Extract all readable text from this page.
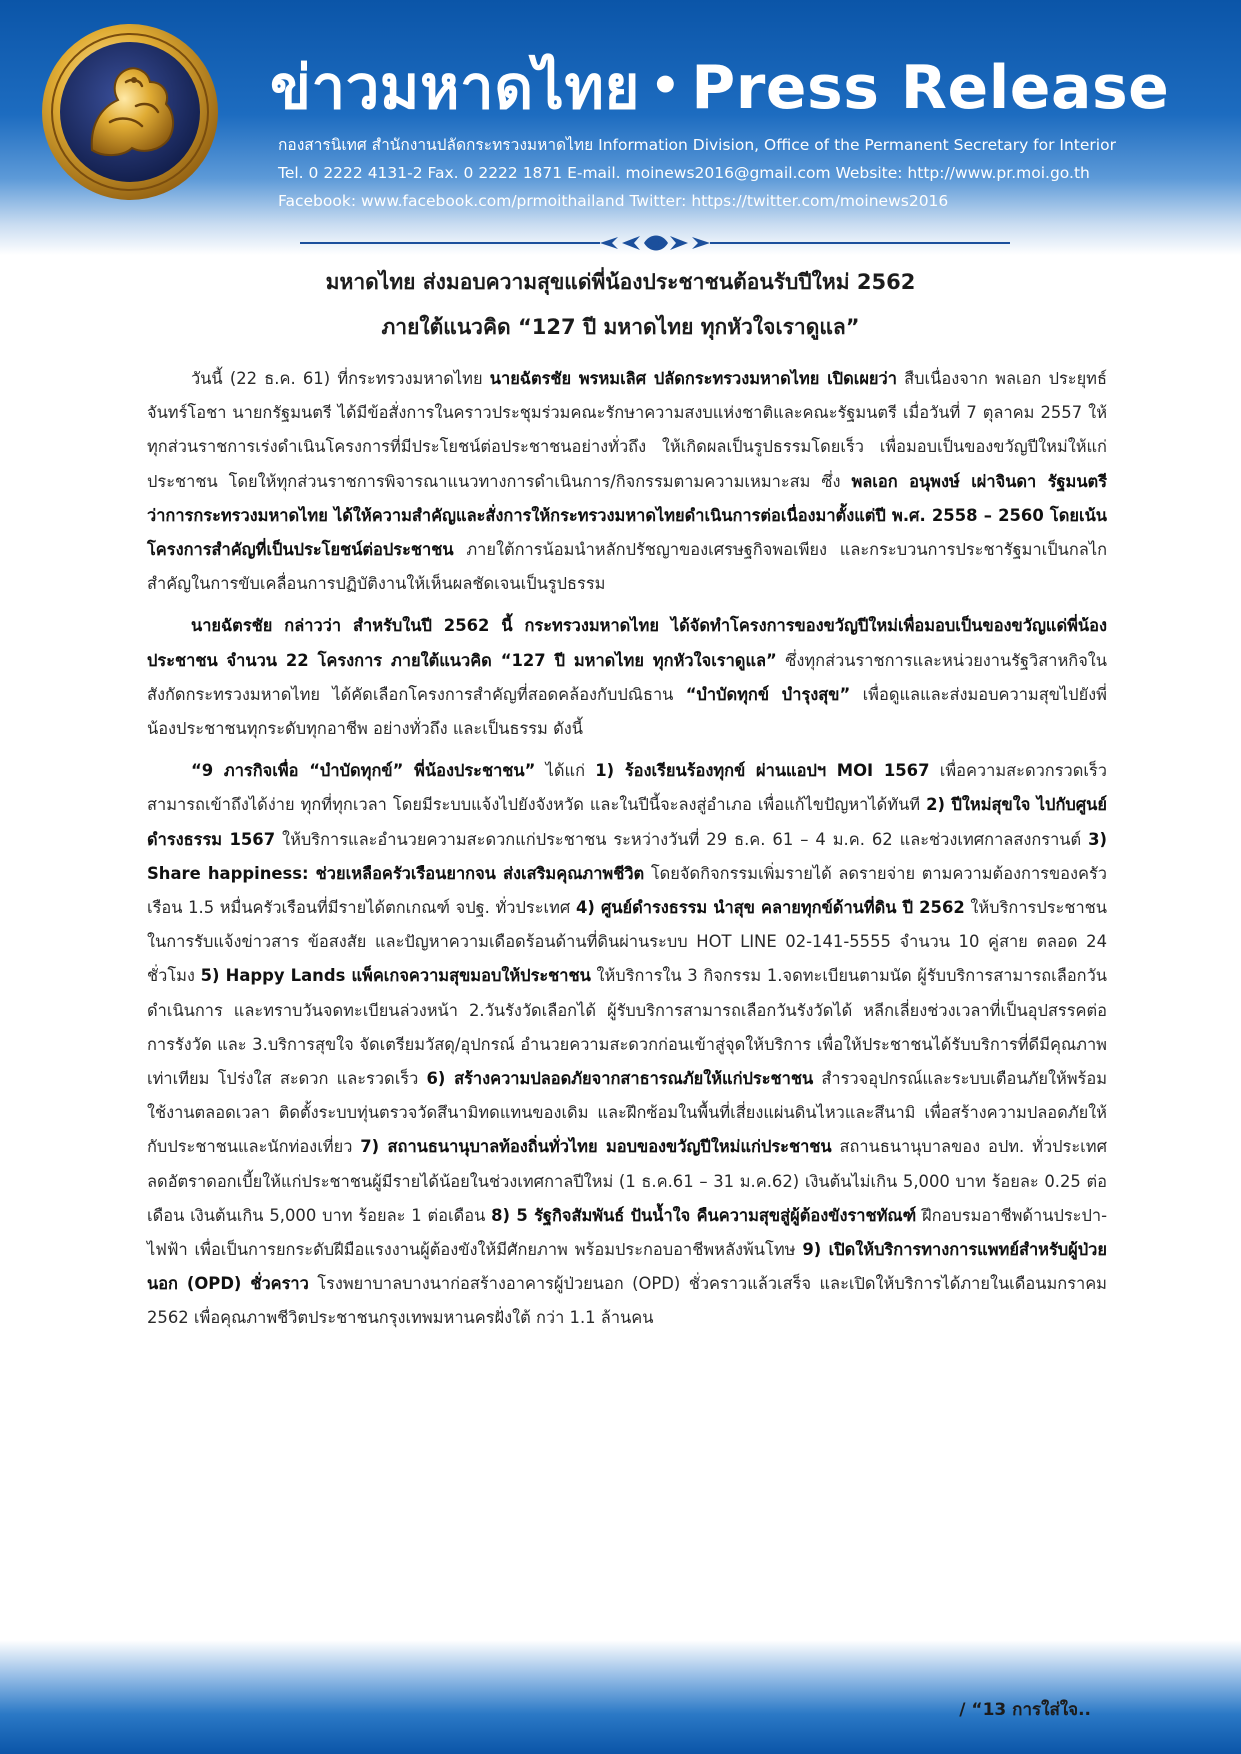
ข่าวมหาดไทย • Press Release

กองสารนิเทศ สำนักงานปลัดกระทรวงมหาดไทย Information Division, Office of the Permanent Secretary for Interior

Tel. 0 2222 4131-2 Fax. 0 2222 1871 E-mail. moinews2016@gmail.com Website: http://www.pr.moi.go.th

Facebook: www.facebook.com/prmoithailand Twitter: https://twitter.com/moinews2016

มหาดไทย ส่งมอบความสุขแด่พี่น้องประชาชนต้อนรับปีใหม่ 2562
ภายใต้แนวคิด “127 ปี มหาดไทย ทุกหัวใจเราดูแล”

วันนี้ (22 ธ.ค. 61) ที่กระทรวงมหาดไทย นายฉัตรชัย พรหมเลิศ ปลัดกระทรวงมหาดไทย เปิดเผยว่า สืบเนื่องจาก พลเอก ประยุทธ์ จันทร์โอชา นายกรัฐมนตรี ได้มีข้อสั่งการในคราวประชุมร่วมคณะรักษาความสงบแห่งชาติและคณะรัฐมนตรี เมื่อวันที่ 7 ตุลาคม 2557 ให้ทุกส่วนราชการเร่งดำเนินโครงการที่มีประโยชน์ต่อประชาชนอย่างทั่วถึง ให้เกิดผลเป็นรูปธรรมโดยเร็ว เพื่อมอบเป็นของขวัญปีใหม่ให้แก่ประชาชน โดยให้ทุกส่วนราชการพิจารณาแนวทางการดำเนินการ/กิจกรรมตามความเหมาะสม ซึ่ง พลเอก อนุพงษ์ เผ่าจินดา รัฐมนตรีว่าการกระทรวงมหาดไทย ได้ให้ความสำคัญและสั่งการให้กระทรวงมหาดไทยดำเนินการต่อเนื่องมาตั้งแต่ปี พ.ศ. 2558 – 2560 โดยเน้นโครงการสำคัญที่เป็นประโยชน์ต่อประชาชน ภายใต้การน้อมนำหลักปรัชญาของเศรษฐกิจพอเพียง และกระบวนการประชารัฐมาเป็นกลไกสำคัญในการขับเคลื่อนการปฏิบัติงานให้เห็นผลชัดเจนเป็นรูปธรรม

นายฉัตรชัย กล่าวว่า สำหรับในปี 2562 นี้ กระทรวงมหาดไทย ได้จัดทำโครงการของขวัญปีใหม่เพื่อมอบเป็นของขวัญแด่พี่น้องประชาชน จำนวน 22 โครงการ ภายใต้แนวคิด “127 ปี มหาดไทย ทุกหัวใจเราดูแล” ซึ่งทุกส่วนราชการและหน่วยงานรัฐวิสาหกิจในสังกัดกระทรวงมหาดไทย ได้คัดเลือกโครงการสำคัญที่สอดคล้องกับปณิธาน “บำบัดทุกข์ บำรุงสุข” เพื่อดูแลและส่งมอบความสุขไปยังพี่น้องประชาชนทุกระดับทุกอาชีพ อย่างทั่วถึง และเป็นธรรม ดังนี้

“9 ภารกิจเพื่อ “บำบัดทุกข์” พี่น้องประชาชน” ได้แก่ 1) ร้องเรียนร้องทุกข์ ผ่านแอปฯ MOI 1567 เพื่อความสะดวกรวดเร็ว สามารถเข้าถึงได้ง่าย ทุกที่ทุกเวลา โดยมีระบบแจ้งไปยังจังหวัด และในปีนี้จะลงสู่อำเภอ เพื่อแก้ไขปัญหาได้ทันที 2) ปีใหม่สุขใจ ไปกับศูนย์ดำรงธรรม 1567 ให้บริการและอำนวยความสะดวกแก่ประชาชน ระหว่างวันที่ 29 ธ.ค. 61 – 4 ม.ค. 62 และช่วงเทศกาลสงกรานต์ 3) Share happiness: ช่วยเหลือครัวเรือนยากจน ส่งเสริมคุณภาพชีวิต โดยจัดกิจกรรมเพิ่มรายได้ ลดรายจ่าย ตามความต้องการของครัวเรือน 1.5 หมื่นครัวเรือนที่มีรายได้ตกเกณฑ์ จปฐ. ทั่วประเทศ 4) ศูนย์ดำรงธรรม นำสุข คลายทุกข์ด้านที่ดิน ปี 2562 ให้บริการประชาชนในการรับแจ้งข่าวสาร ข้อสงสัย และปัญหาความเดือดร้อนด้านที่ดินผ่านระบบ HOT LINE 02-141-5555 จำนวน 10 คู่สาย ตลอด 24 ชั่วโมง 5) Happy Lands แพ็คเกจความสุขมอบให้ประชาชน ให้บริการใน 3 กิจกรรม 1.จดทะเบียนตามนัด ผู้รับบริการสามารถเลือกวันดำเนินการ และทราบวันจดทะเบียนล่วงหน้า 2.วันรังวัดเลือกได้ ผู้รับบริการสามารถเลือกวันรังวัดได้ หลีกเลี่ยงช่วงเวลาที่เป็นอุปสรรคต่อการรังวัด และ 3.บริการสุขใจ จัดเตรียมวัสดุ/อุปกรณ์ อำนวยความสะดวกก่อนเข้าสู่จุดให้บริการ เพื่อให้ประชาชนได้รับบริการที่ดีมีคุณภาพ เท่าเทียม โปร่งใส สะดวก และรวดเร็ว 6) สร้างความปลอดภัยจากสาธารณภัยให้แก่ประชาชน สำรวจอุปกรณ์และระบบเตือนภัยให้พร้อมใช้งานตลอดเวลา ติดตั้งระบบทุ่นตรวจวัดสึนามิทดแทนของเดิม และฝึกซ้อมในพื้นที่เสี่ยงแผ่นดินไหวและสึนามิ เพื่อสร้างความปลอดภัยให้กับประชาชนและนักท่องเที่ยว 7) สถานธนานุบาลท้องถิ่นทั่วไทย มอบของขวัญปีใหม่แก่ประชาชน สถานธนานุบาลของ อปท. ทั่วประเทศ ลดอัตราดอกเบี้ยให้แก่ประชาชนผู้มีรายได้น้อยในช่วงเทศกาลปีใหม่ (1 ธ.ค.61 – 31 ม.ค.62) เงินต้นไม่เกิน 5,000 บาท ร้อยละ 0.25 ต่อเดือน เงินต้นเกิน 5,000 บาท ร้อยละ 1 ต่อเดือน 8) 5 รัฐกิจสัมพันธ์ ปันน้ำใจ คืนความสุขสู่ผู้ต้องขังราชทัณฑ์ ฝึกอบรมอาชีพด้านประปา-ไฟฟ้า เพื่อเป็นการยกระดับฝีมือแรงงานผู้ต้องขังให้มีศักยภาพ พร้อมประกอบอาชีพหลังพ้นโทษ 9) เปิดให้บริการทางการแพทย์สำหรับผู้ป่วยนอก (OPD) ชั่วคราว โรงพยาบาลบางนาก่อสร้างอาคารผู้ป่วยนอก (OPD) ชั่วคราวแล้วเสร็จ และเปิดให้บริการได้ภายในเดือนมกราคม 2562 เพื่อคุณภาพชีวิตประชาชนกรุงเทพมหานครฝั่งใต้ กว่า 1.1 ล้านคน

/ “13 การใส่ใจ..
